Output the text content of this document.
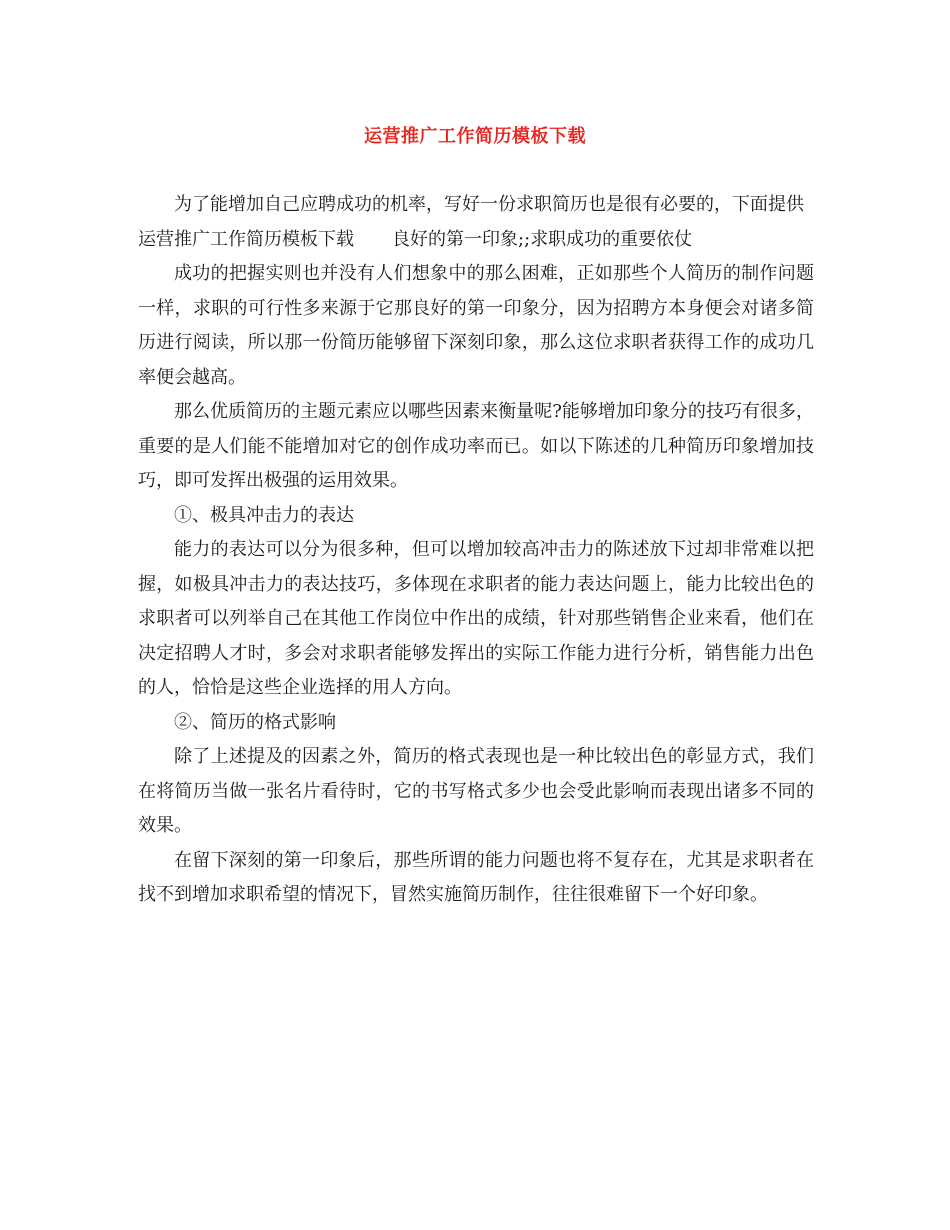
运营推广工作简历模板下载

为了能增加自己应聘成功的机率，写好一份求职简历也是很有必要的，下面提供

运营推广工作简历模板下载 良好的第一印象;;求职成功的重要依仗

成功的把握实则也并没有人们想象中的那么困难，正如那些个人简历的制作问题一样，求职的可行性多来源于它那良好的第一印象分，因为招聘方本身便会对诸多简历进行阅读，所以那一份简历能够留下深刻印象，那么这位求职者获得工作的成功几率便会越高。

那么优质简历的主题元素应以哪些因素来衡量呢?能够增加印象分的技巧有很多，重要的是人们能不能增加对它的创作成功率而已。如以下陈述的几种简历印象增加技巧，即可发挥出极强的运用效果。

①、极具冲击力的表达

能力的表达可以分为很多种，但可以增加较高冲击力的陈述放下过却非常难以把握，如极具冲击力的表达技巧，多体现在求职者的能力表达问题上，能力比较出色的求职者可以列举自己在其他工作岗位中作出的成绩，针对那些销售企业来看，他们在决定招聘人才时，多会对求职者能够发挥出的实际工作能力进行分析，销售能力出色的人，恰恰是这些企业选择的用人方向。

②、简历的格式影响

除了上述提及的因素之外，简历的格式表现也是一种比较出色的彰显方式，我们在将简历当做一张名片看待时，它的书写格式多少也会受此影响而表现出诸多不同的效果。

在留下深刻的第一印象后，那些所谓的能力问题也将不复存在，尤其是求职者在找不到增加求职希望的情况下，冒然实施简历制作，往往很难留下一个好印象。
